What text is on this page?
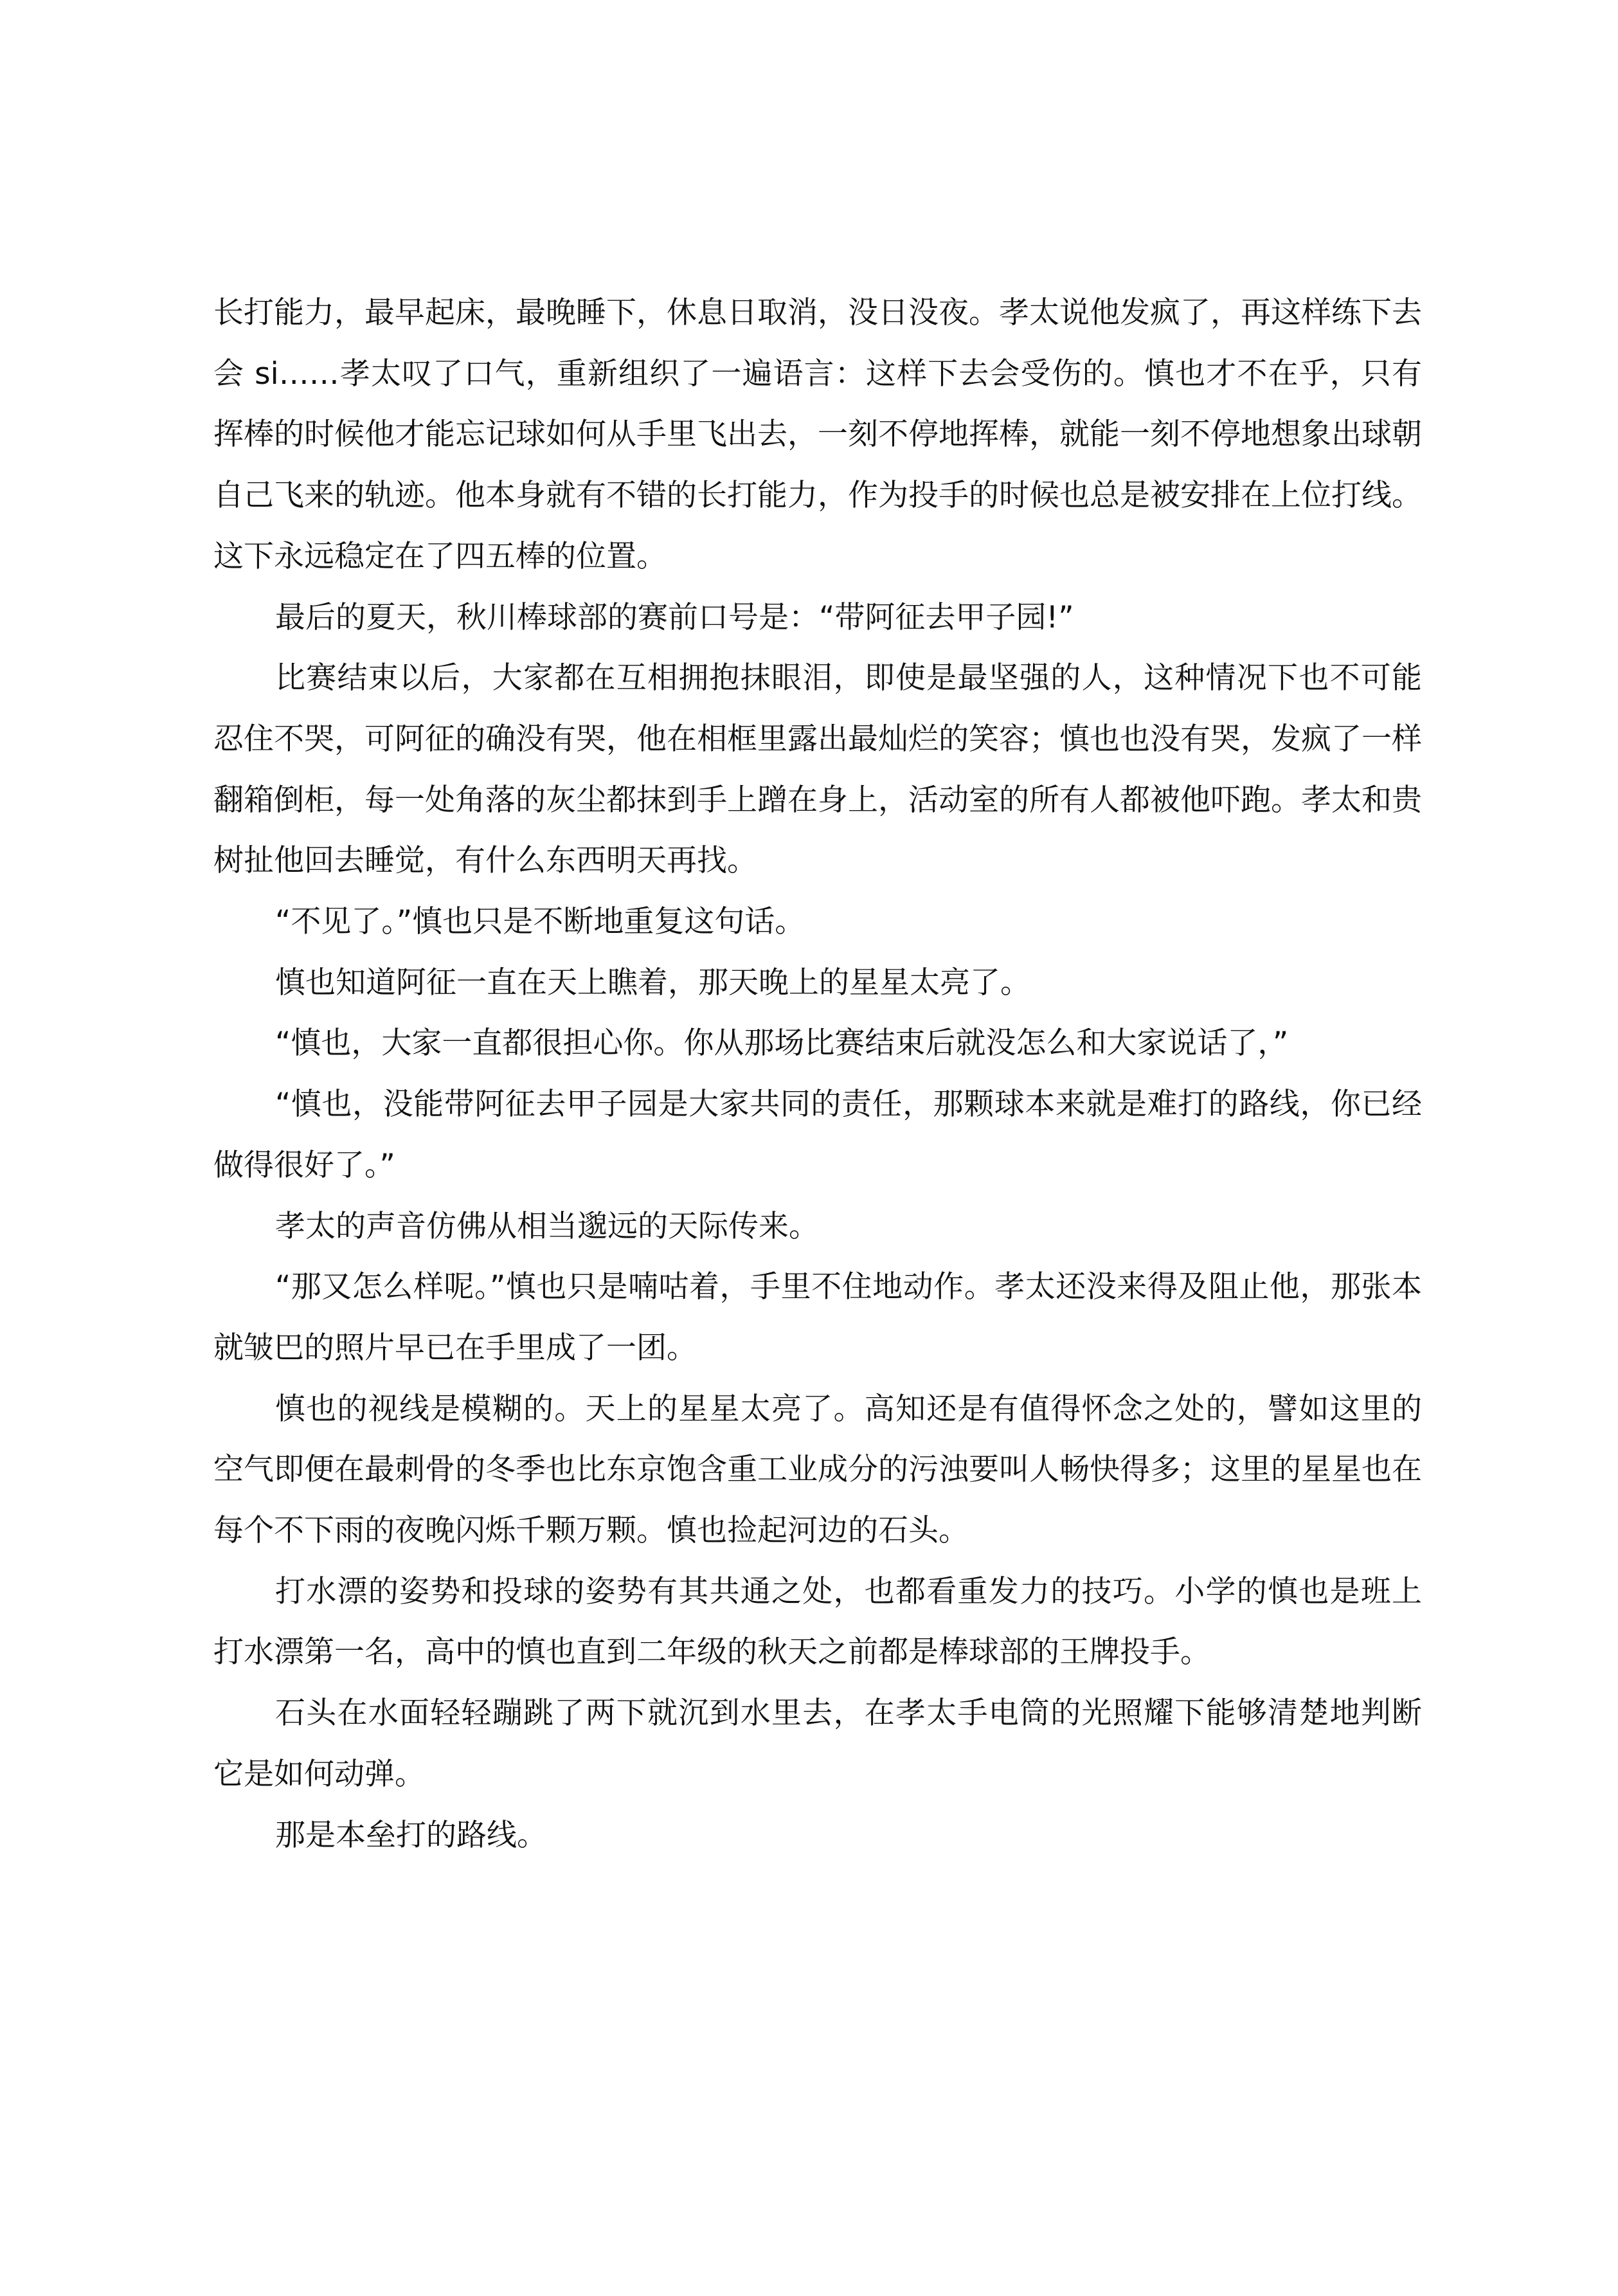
长打能力，最早起床，最晚睡下，休息日取消，没日没夜。孝太说他发疯了，再这样练下去会 si……孝太叹了口气，重新组织了一遍语言：这样下去会受伤的。慎也才不在乎，只有挥棒的时候他才能忘记球如何从手里飞出去，一刻不停地挥棒，就能一刻不停地想象出球朝自己飞来的轨迹。他本身就有不错的长打能力，作为投手的时候也总是被安排在上位打线。这下永远稳定在了四五棒的位置。

最后的夏天，秋川棒球部的赛前口号是：“带阿征去甲子园!”

比赛结束以后，大家都在互相拥抱抹眼泪，即使是最坚强的人，这种情况下也不可能忍住不哭，可阿征的确没有哭，他在相框里露出最灿烂的笑容；慎也也没有哭，发疯了一样翻箱倒柜，每一处角落的灰尘都抹到手上蹭在身上，活动室的所有人都被他吓跑。孝太和贵树扯他回去睡觉，有什么东西明天再找。

“不见了。”慎也只是不断地重复这句话。

慎也知道阿征一直在天上瞧着，那天晚上的星星太亮了。

“慎也，大家一直都很担心你。你从那场比赛结束后就没怎么和大家说话了，”

“慎也，没能带阿征去甲子园是大家共同的责任，那颗球本来就是难打的路线，你已经做得很好了。”

孝太的声音仿佛从相当邈远的天际传来。

“那又怎么样呢。”慎也只是喃咕着，手里不住地动作。孝太还没来得及阻止他，那张本就皱巴的照片早已在手里成了一团。

慎也的视线是模糊的。天上的星星太亮了。高知还是有值得怀念之处的，譬如这里的空气即便在最刺骨的冬季也比东京饱含重工业成分的污浊要叫人畅快得多；这里的星星也在每个不下雨的夜晚闪烁千颗万颗。慎也捡起河边的石头。

打水漂的姿势和投球的姿势有其共通之处，也都看重发力的技巧。小学的慎也是班上打水漂第一名，高中的慎也直到二年级的秋天之前都是棒球部的王牌投手。

石头在水面轻轻蹦跳了两下就沉到水里去，在孝太手电筒的光照耀下能够清楚地判断它是如何动弹。

那是本垒打的路线。
